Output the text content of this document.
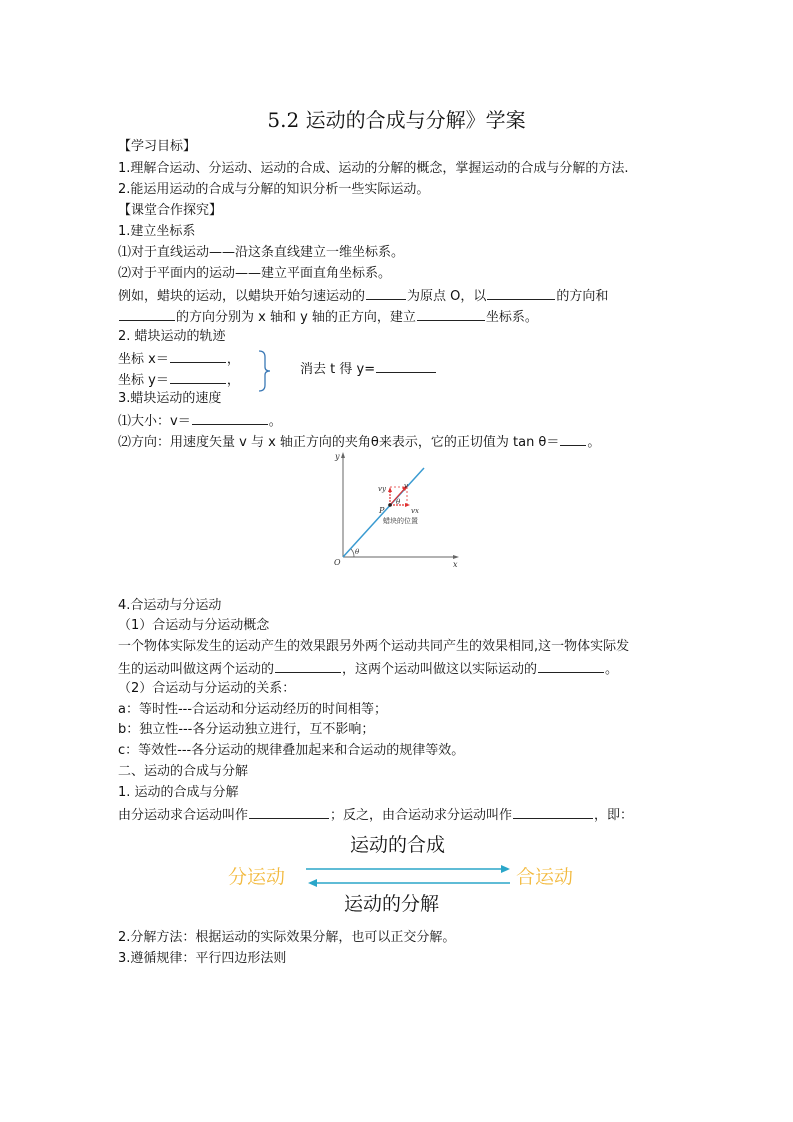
5.2 运动的合成与分解》学案
【学习目标】
1.理解合运动、分运动、运动的合成、运动的分解的概念，掌握运动的合成与分解的方法.
2.能运用运动的合成与分解的知识分析一些实际运动。
【课堂合作探究】
1.建立坐标系
⑴对于直线运动——沿这条直线建立一维坐标系。
⑵对于平面内的运动——建立平面直角坐标系。
例如，蜡块的运动，以蜡块开始匀速运动的	为原点 O，以	的方向和
的方向分别为 x 轴和 y 轴的正方向，建立	坐标系。
2. 蜡块运动的轨迹
坐标 x＝	，
坐标 y＝	，
消去 t 得 y=
3.蜡块运动的速度
⑴大小：v＝	。
⑵方向：用速度矢量 v 与 x 轴正方向的夹角θ来表示，它的正切值为 tan θ＝ 。
y
x
O
θ
P
θ
v
vy
vx
蜡块的位置
4.合运动与分运动
（1）合运动与分运动概念
一个物体实际发生的运动产生的效果跟另外两个运动共同产生的效果相同,这一物体实际发
生的运动叫做这两个运动的	，这两个运动叫做这以实际运动的	。
（2）合运动与分运动的关系：
a：等时性---合运动和分运动经历的时间相等；
b：独立性---各分运动独立进行，互不影响；
c：等效性---各分运动的规律叠加起来和合运动的规律等效。
二、运动的合成与分解
1. 运动的合成与分解
由分运动求合运动叫作	；反之，由合运动求分运动叫作	，即：
运动的合成
分运动	合运动
运动的分解
2.分解方法：根据运动的实际效果分解，也可以正交分解。
3.遵循规律：平行四边形法则
